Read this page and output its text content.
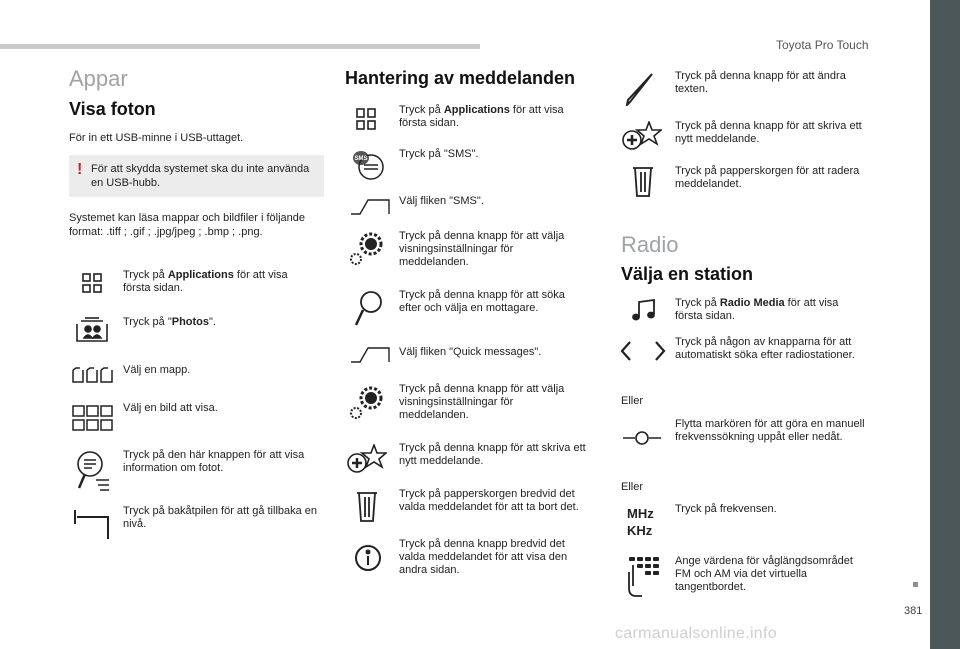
Toyota Pro Touch
381
carmanualsonline.info
Appar
Visa foton
För in ett USB-minne i USB-uttaget.
! För att skydda systemet ska du inte använda en USB-hubb.
Systemet kan läsa mappar och bildfiler i följande format: .tiff ; .gif ; .jpg/jpeg ; .bmp ; .png.
Tryck på Applications för att visa första sidan.
Tryck på "Photos".
Välj en mapp.
Välj en bild att visa.
Tryck på den här knappen för att visa information om fotot.
Tryck på bakåtpilen för att gå tillbaka en nivå.
Hantering av meddelanden
Tryck på Applications för att visa första sidan.
SMS	Tryck på "SMS".
Välj fliken "SMS".
Tryck på denna knapp för att välja visningsinställningar för meddelanden.
Tryck på denna knapp för att söka efter och välja en mottagare.
Välj fliken "Quick messages".
Tryck på denna knapp för att välja visningsinställningar för meddelanden.
Tryck på denna knapp för att skriva ett nytt meddelande.
Tryck på papperskorgen bredvid det valda meddelandet för att ta bort det.
Tryck på denna knapp bredvid det valda meddelandet för att visa den andra sidan.
Tryck på denna knapp för att ändra texten.
Tryck på denna knapp för att skriva ett nytt meddelande.
Tryck på papperskorgen för att radera meddelandet.
Radio
Välja en station
Tryck på Radio Media för att visa första sidan.
Tryck på någon av knapparna för att automatiskt söka efter radiostationer.
Eller
Flytta markören för att göra en manuell frekvenssökning uppåt eller nedåt.
Eller
MHz
KHz
Tryck på frekvensen.
Ange värdena för våglängdsområdet FM och AM via det virtuella tangentbordet.
